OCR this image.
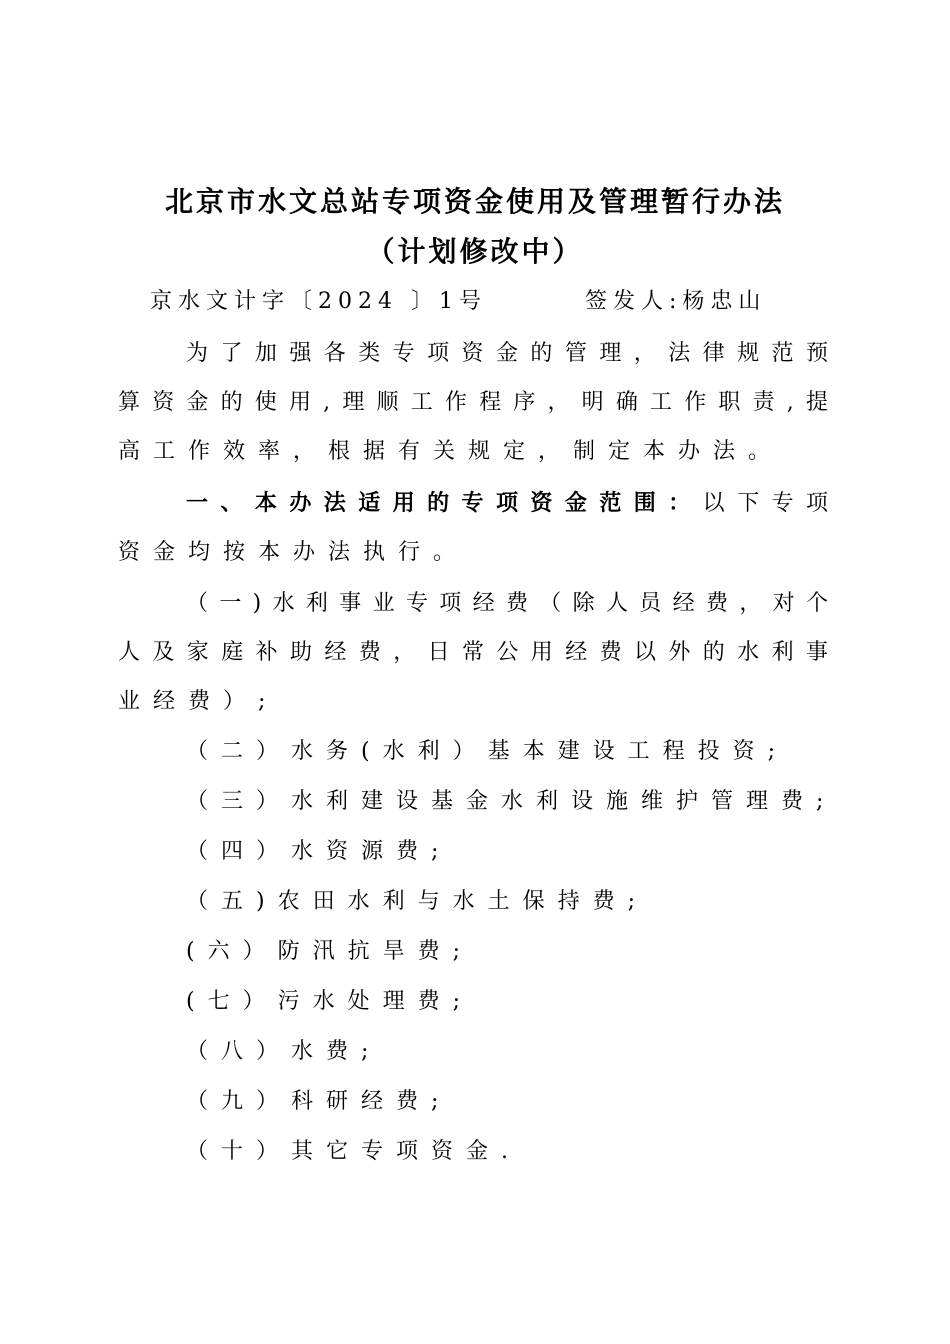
北京市水文总站专项资金使用及管理暂行办法
（计划修改中）
京水文计字〔2024 〕1号	签发人:杨忠山
为了加强各类专项资金的管理，法律规范预
算资金的使用,理顺工作程序，明确工作职责,提
高工作效率，根据有关规定，制定本办法。
一、本办法适用的专项资金范围：以下专项
资金均按本办法执行。
（一)水利事业专项经费（除人员经费，对个
人及家庭补助经费，日常公用经费以外的水利事
业经费）;
（二）水务(水利）基本建设工程投资;
（三）水利建设基金水利设施维护管理费;
（四）水资源费;
（五)农田水利与水土保持费;
(六）防汛抗旱费;
(七）污水处理费;
（八）水费;
（九）科研经费;
（十）其它专项资金.
